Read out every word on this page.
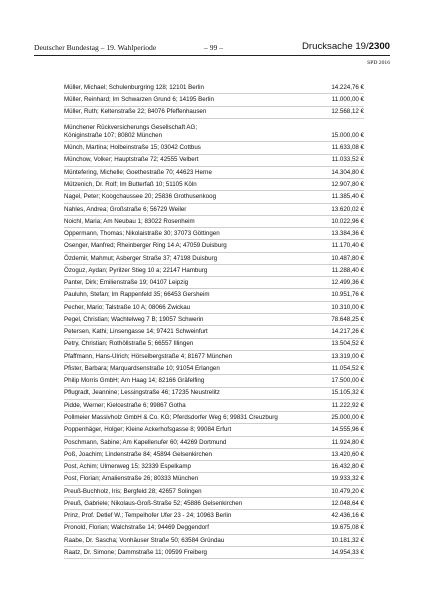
Deutscher Bundestag – 19. Wahlperiode	– 99 –	Drucksache 19/2300
SPD 2016
Müller, Michael; Schulenburgring 128; 12101 Berlin	14.224,76 €
Müller, Reinhard; Im Schwarzen Grund 6; 14195 Berlin	11.000,00 €
Müller, Ruth; Keltenstraße 22; 84076 Pfeffenhausen	12.568,12 €
Münchener Rückversicherungs Gesellschaft AG;
Königinstraße 107; 80802 München	15.000,00 €
Münch, Martina; Holbeinstraße 15; 03042 Cottbus	11.633,08 €
Münchow, Volker; Hauptstraße 72; 42555 Velbert	11.033,52 €
Müntefering, Michelle; Goethestraße 70; 44623 Herne	14.304,80 €
Mützenich, Dr. Rolf; Im Butterfaß 10; 51105 Köln	12.907,80 €
Nagel, Peter; Koogchaussee 20; 25836 Grothusenkoog	11.385,40 €
Nahles, Andrea; Großstraße 6; 56729 Weiler	13.620,02 €
Noichl, Maria; Am Neubau 1; 83022 Rosenheim	10.022,96 €
Oppermann, Thomas; Nikolaistraße 30; 37073 Göttingen	13.384,36 €
Osenger, Manfred; Rheinberger Ring 14 A; 47059 Duisburg	11.170,40 €
Özdemir, Mahmut; Asberger Straße 37; 47198 Duisburg	10.487,80 €
Özoguz, Aydan; Pyrilzer Stieg 10 a; 22147 Hamburg	11.288,40 €
Panter, Dirk; Emilienstraße 19; 04107 Leipzig	12.499,36 €
Pauluhn, Stefan; Im Rappenfeld 35; 66453 Gersheim	10.951,76 €
Pecher, Mario; Talstraße 10 A; 08066 Zwickau	10.310,00 €
Pegel, Christian; Wachtelweg 7 B; 19057 Schwerin	78.648,25 €
Petersen, Kathi; Linsengasse 14; 97421 Schweinfurt	14.217,26 €
Petry, Christian; Rothöllstraße 5; 66557 Illingen	13.504,52 €
Pfaffmann, Hans-Ulrich; Hörselbergstraße 4; 81677 München	13.319,00 €
Pfister, Barbara; Marquardsenstraße 10; 91054 Erlangen	11.054,52 €
Philip Morris GmbH; Am Haag 14; 82166 Gräfelfing	17.500,00 €
Pflugradt, Jeannine; Lessingstraße 46; 17235 Neustrelitz	15.105,32 €
Pidde, Werner; Kielcestraße 6; 99867 Gotha	11.222,92 €
Pollmeier Massivholz GmbH & Co. KG; Pferdsdorfer Weg 6; 99831 Creuzburg	25.000,00 €
Poppenhäger, Holger; Kleine Ackerhofsgasse 8; 99084 Erfurt	14.555,96 €
Poschmann, Sabine; Am Kapellenufer 60; 44269 Dortmund	11.924,80 €
Poß, Joachim; Lindenstraße 84; 45894 Gelsenkirchen	13.420,60 €
Post, Achim; Ulmenweg 15; 32339 Espelkamp	16.432,80 €
Post, Florian; Amalienstraße 26; 80333 München	19.933,32 €
Preuß-Buchholz, Iris; Bergfeld 28; 42657 Solingen	10.479,20 €
Preuß, Gabriele; Nikolaus-Groß-Straße 52; 45886 Gelsenkirchen	12.048,64 €
Prinz, Prof. Detlef W.; Tempelhofer Ufer 23 - 24; 10963 Berlin	42.436,16 €
Pronold, Florian; Walchstraße 14; 94469 Deggendorf	19.675,08 €
Raabe, Dr. Sascha; Vonhäuser Straße 50; 63584 Gründau	10.181,32 €
Raatz, Dr. Simone; Dammstraße 11; 09599 Freiberg	14.954,33 €
